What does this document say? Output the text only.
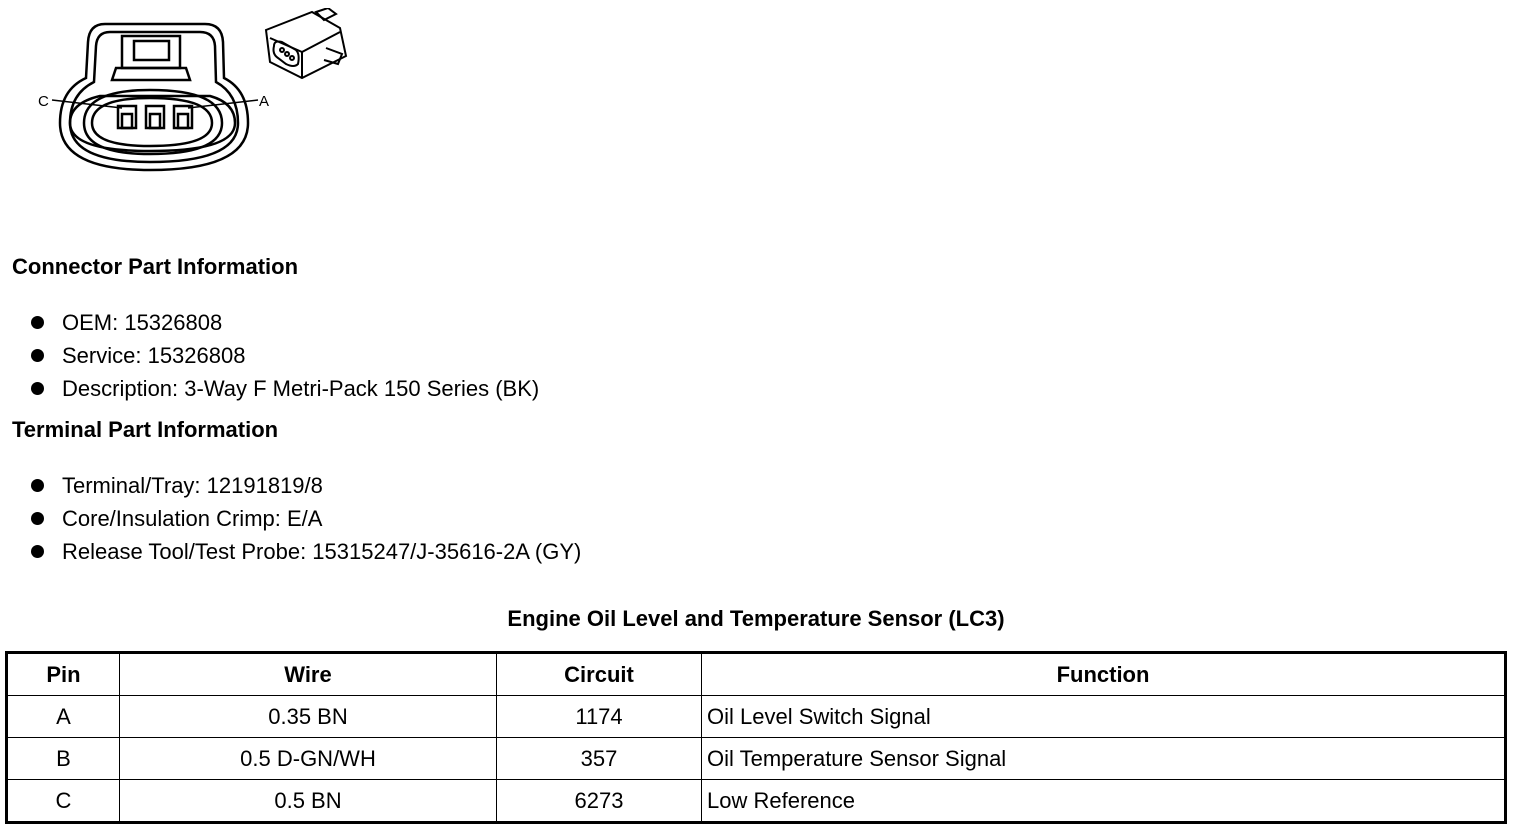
C	A
Connector Part Information
OEM: 15326808
Service: 15326808
Description: 3-Way F Metri-Pack 150 Series (BK)
Terminal Part Information
Terminal/Tray: 12191819/8
Core/Insulation Crimp: E/A
Release Tool/Test Probe: 15315247/J-35616-2A (GY)
Engine Oil Level and Temperature Sensor (LC3)
Pin	Wire	Circuit	Function
A	0.35 BN	1174	Oil Level Switch Signal
B	0.5 D-GN/WH	357	Oil Temperature Sensor Signal
C	0.5 BN	6273	Low Reference
